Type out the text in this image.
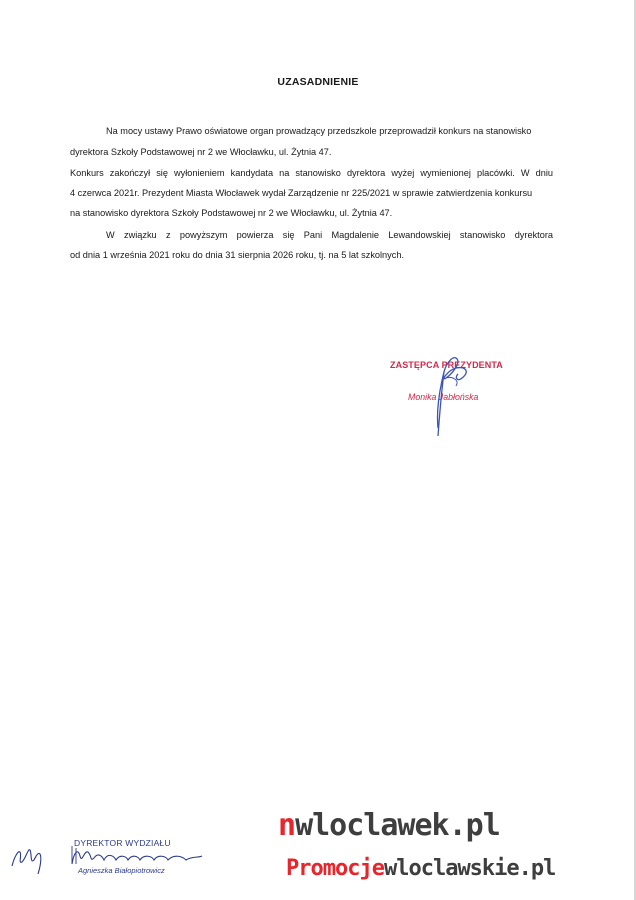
UZASADNIENIE
Na mocy ustawy Prawo oświatowe organ prowadzący przedszkole przeprowadził konkurs na stanowisko
dyrektora Szkoły Podstawowej nr 2 we Włocławku, ul. Żytnia 47.
Konkurs zakończył się wyłonieniem kandydata na stanowisko dyrektora wyżej wymienionej placówki. W dniu
4 czerwca 2021r. Prezydent Miasta Włocławek wydał Zarządzenie nr 225/2021 w sprawie zatwierdzenia konkursu
na stanowisko dyrektora Szkoły Podstawowej nr 2 we Włocławku, ul. Żytnia 47.
W związku z powyższym powierza się Pani Magdalenie Lewandowskiej stanowisko dyrektora
od dnia 1 września 2021 roku do dnia 31 sierpnia 2026 roku, tj. na 5 lat szkolnych.
ZASTĘPCA PREZYDENTA
Monika Jabłońska
DYREKTOR WYDZIAŁU
Agnieszka Białopiotrowicz
nwloclawek.pl
Promocjewloclawskie.pl
